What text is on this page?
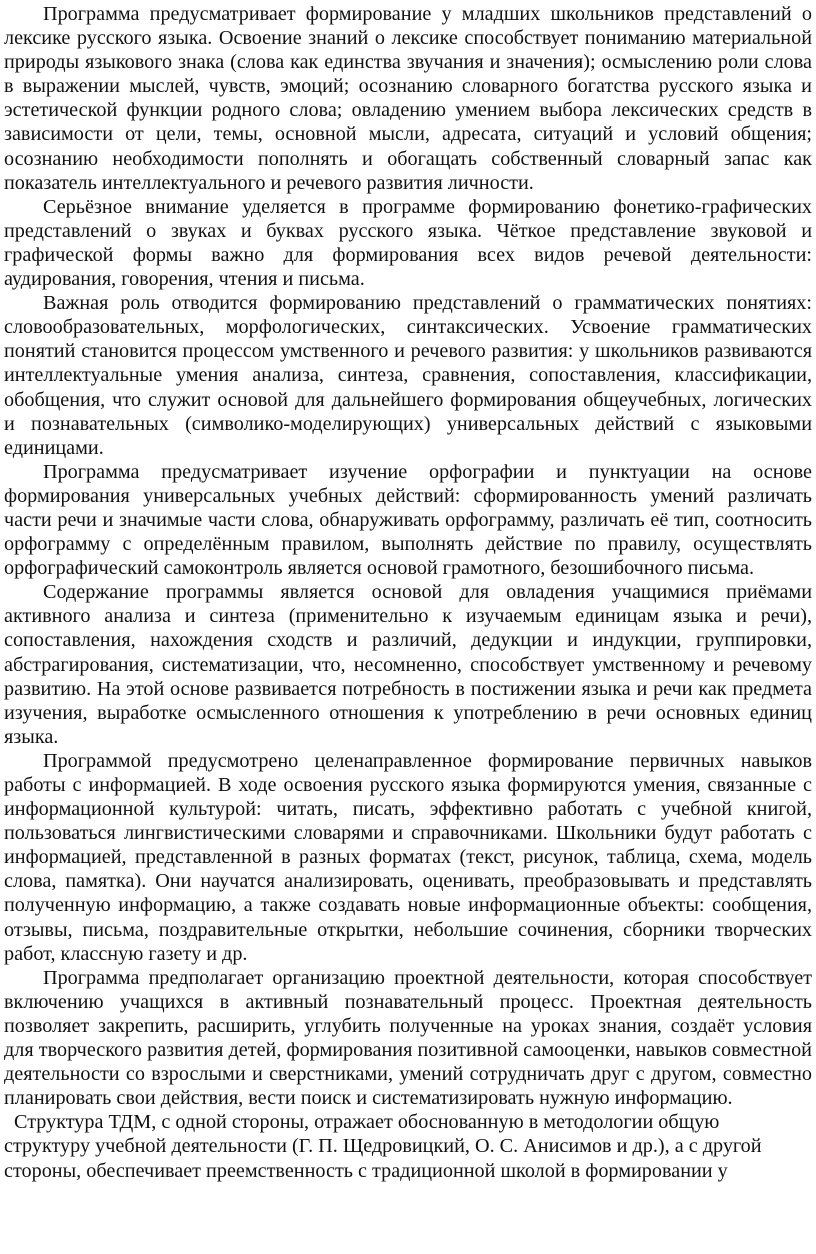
Программа предусматривает формирование у младших школьников представлений о лексике русского языка. Освоение знаний о лексике способствует пониманию материальной природы языкового знака (слова как единства звучания и значения); осмыслению роли слова в выражении мыслей, чувств, эмоций; осознанию словарного богатства русского языка и эстетической функции родного слова; овладению умением выбора лексических средств в зависимости от цели, темы, основной мысли, адресата, ситуаций и условий общения; осознанию необходимости пополнять и обогащать собственный словарный запас как показатель интеллектуального и речевого развития личности.

Серьёзное внимание уделяется в программе формированию фонетико-графических представлений о звуках и буквах русского языка. Чёткое представление звуковой и графической формы важно для формирования всех видов речевой деятельности: аудирования, говорения, чтения и письма.

Важная роль отводится формированию представлений о грамматических понятиях: словообразовательных, морфологических, синтаксических. Усвоение грамматических понятий становится процессом умственного и речевого развития: у школьников развиваются интеллектуальные умения анализа, синтеза, сравнения, сопоставления, классификации, обобщения, что служит основой для дальнейшего формирования общеучебных, логических и познавательных (символико-моделирующих) универсальных действий с языковыми единицами.

Программа предусматривает изучение орфографии и пунктуации на основе формирования универсальных учебных действий: сформированность умений различать части речи и значимые части слова, обнаруживать орфограмму, различать её тип, соотносить орфограмму с определённым правилом, выполнять действие по правилу, осуществлять орфографический самоконтроль является основой грамотного, безошибочного письма.

Содержание программы является основой для овладения учащимися приёмами активного анализа и синтеза (применительно к изучаемым единицам языка и речи), сопоставления, нахождения сходств и различий, дедукции и индукции, группировки, абстрагирования, систематизации, что, несомненно, способствует умственному и речевому развитию. На этой основе развивается потребность в постижении языка и речи как предмета изучения, выработке осмысленного отношения к употреблению в речи основных единиц языка.

Программой предусмотрено целенаправленное формирование первичных навыков работы с информацией. В ходе освоения русского языка формируются умения, связанные с информационной культурой: читать, писать, эффективно работать с учебной книгой, пользоваться лингвистическими словарями и справочниками. Школьники будут работать с информацией, представленной в разных форматах (текст, рисунок, таблица, схема, модель слова, памятка). Они научатся анализировать, оценивать, преобразовывать и представлять полученную информацию, а также создавать новые информационные объекты: сообщения, отзывы, письма, поздравительные открытки, небольшие сочинения, сборники творческих работ, классную газету и др.

Программа предполагает организацию проектной деятельности, которая способствует включению учащихся в активный познавательный процесс. Проектная деятельность позволяет закрепить, расширить, углубить полученные на уроках знания, создаёт условия для творческого развития детей, формирования позитивной самооценки, навыков совместной деятельности со взрослыми и сверстниками, умений сотрудничать друг с другом, совместно планировать свои действия, вести поиск и систематизировать нужную информацию.

Структура ТДМ, с одной стороны, отражает обоснованную в методологии общую структуру учебной деятельности (Г. П. Щедровицкий, О. С. Анисимов и др.), а с другой стороны, обеспечивает преемственность с традиционной школой в формировании у
